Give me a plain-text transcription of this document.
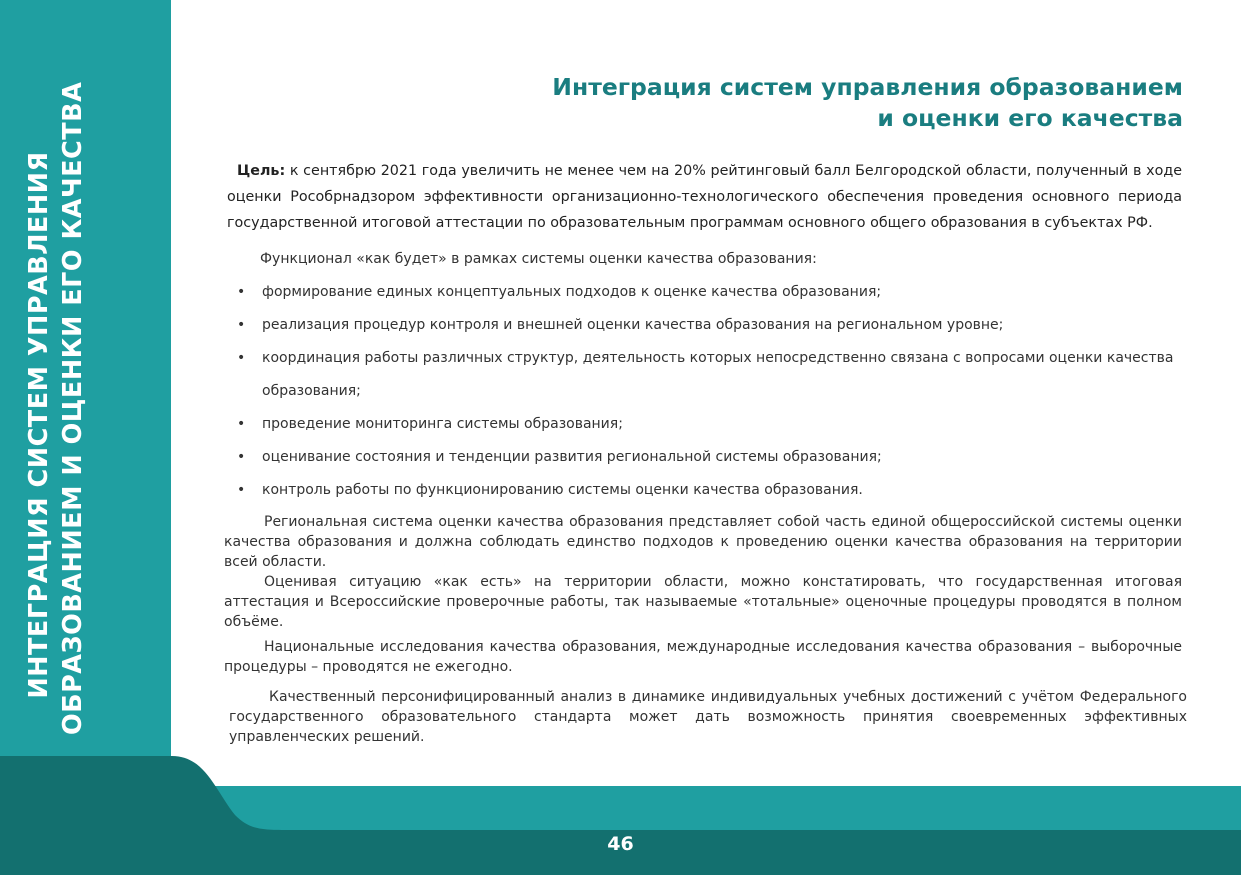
ИНТЕГРАЦИЯ СИСТЕМ УПРАВЛЕНИЯ ОБРАЗОВАНИЕМ И ОЦЕНКИ ЕГО КАЧЕСТВА
46
Интеграция систем управления образованием
и оценки его качества
Цель: к сентябрю 2021 года увеличить не менее чем на 20% рейтинговый балл Белгородской области, полученный в ходе оценки Рособрнадзором эффективности организационно-технологического обеспечения проведения основного периода государственной итоговой аттестации по образовательным программам основного общего образования в субъектах РФ.
Функционал «как будет» в рамках системы оценки качества образования:
• формирование единых концептуальных подходов к оценке качества образования;
• реализация процедур контроля и внешней оценки качества образования на региональном уровне;
• координация работы различных структур, деятельность которых непосредственно связана с вопросами оценки качества образования;
• проведение мониторинга системы образования;
• оценивание состояния и тенденции развития региональной системы образования;
• контроль работы по функционированию системы оценки качества образования.
Региональная система оценки качества образования представляет собой часть единой общероссийской системы оценки качества образования и должна соблюдать единство подходов к проведению оценки качества образования на территории всей области.
Оценивая ситуацию «как есть» на территории области, можно констатировать, что государственная итоговая аттестация и Всероссийские проверочные работы, так называемые «тотальные» оценочные процедуры проводятся в полном объёме.
Национальные исследования качества образования, международные исследования качества образования – выборочные процедуры – проводятся не ежегодно.
Качественный персонифицированный анализ в динамике индивидуальных учебных достижений с учётом Федерального государственного образовательного стандарта может дать возможность принятия своевременных эффективных управленческих решений.
